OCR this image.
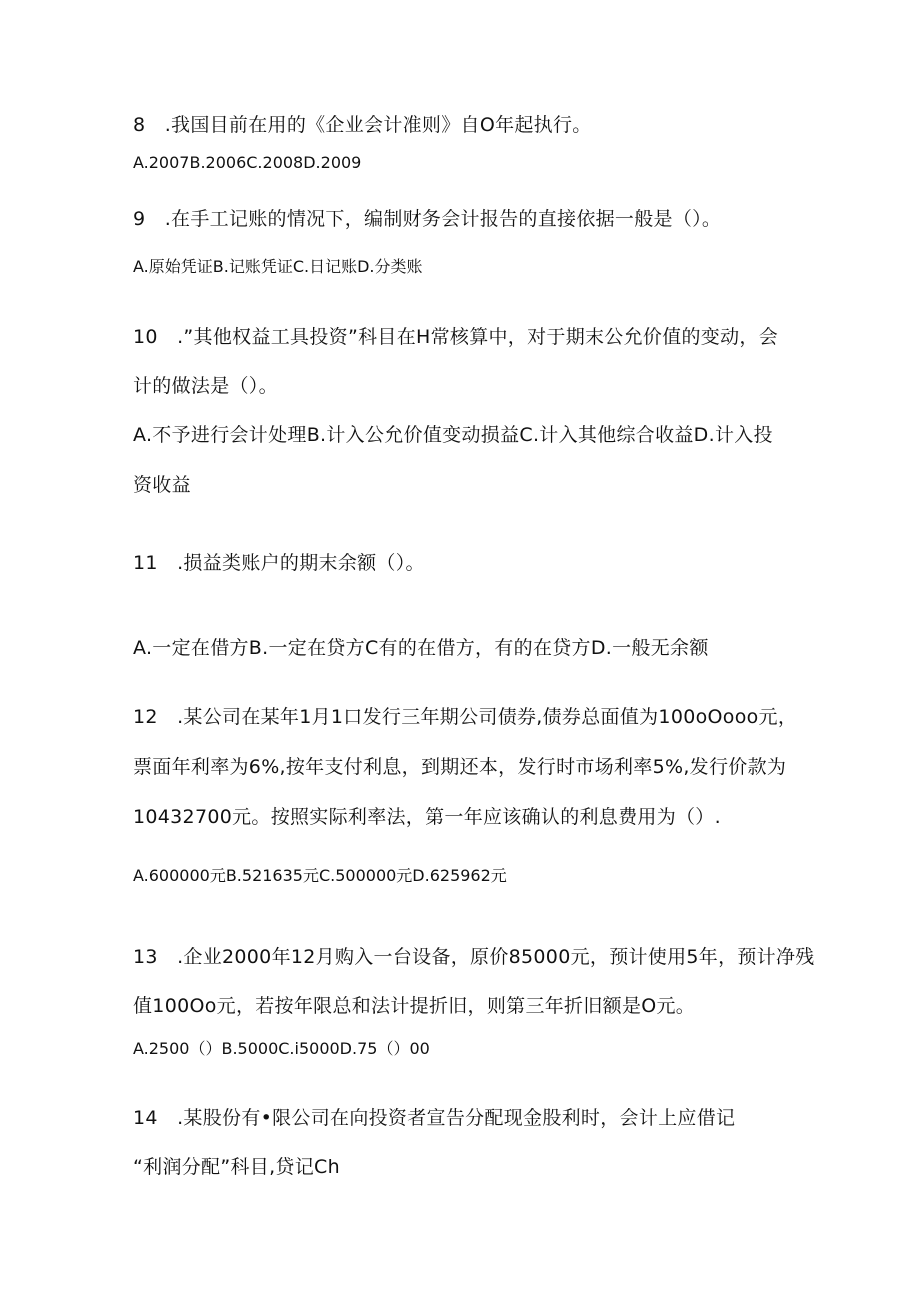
8　.我国目前在用的《企业会计准则》自O年起执行。
A.2007B.2006C.2008D.2009
9　.在手工记账的情况下，编制财务会计报告的直接依据一般是（）。
A.原始凭证B.记账凭证C.日记账D.分类账
10　.”其他权益工具投资”科目在H常核算中，对于期末公允价值的变动，会
计的做法是（）。
A.不予进行会计处理B.计入公允价值变动损益C.计入其他综合收益D.计入投
资收益
11　.损益类账户的期末余额（）。
A.一定在借方B.一定在贷方C有的在借方，有的在贷方D.一般无余额
12　.某公司在某年1月1口发行三年期公司债券,债券总面值为100oOooo元，
票面年利率为6%,按年支付利息，到期还本，发行时市场利率5%,发行价款为
10432700元。按照实际利率法，第一年应该确认的利息费用为（）.
A.600000元B.521635元C.500000元D.625962元
13　.企业2000年12月购入一台设备，原价85000元，预计使用5年，预计净残
值100Oo元，若按年限总和法计提折旧，则第三年折旧额是O元。
A.2500（）B.5000C.i5000D.75（）00
14　.某股份有•限公司在向投资者宣告分配现金股利时，会计上应借记
“利润分配”科目,贷记Ch
